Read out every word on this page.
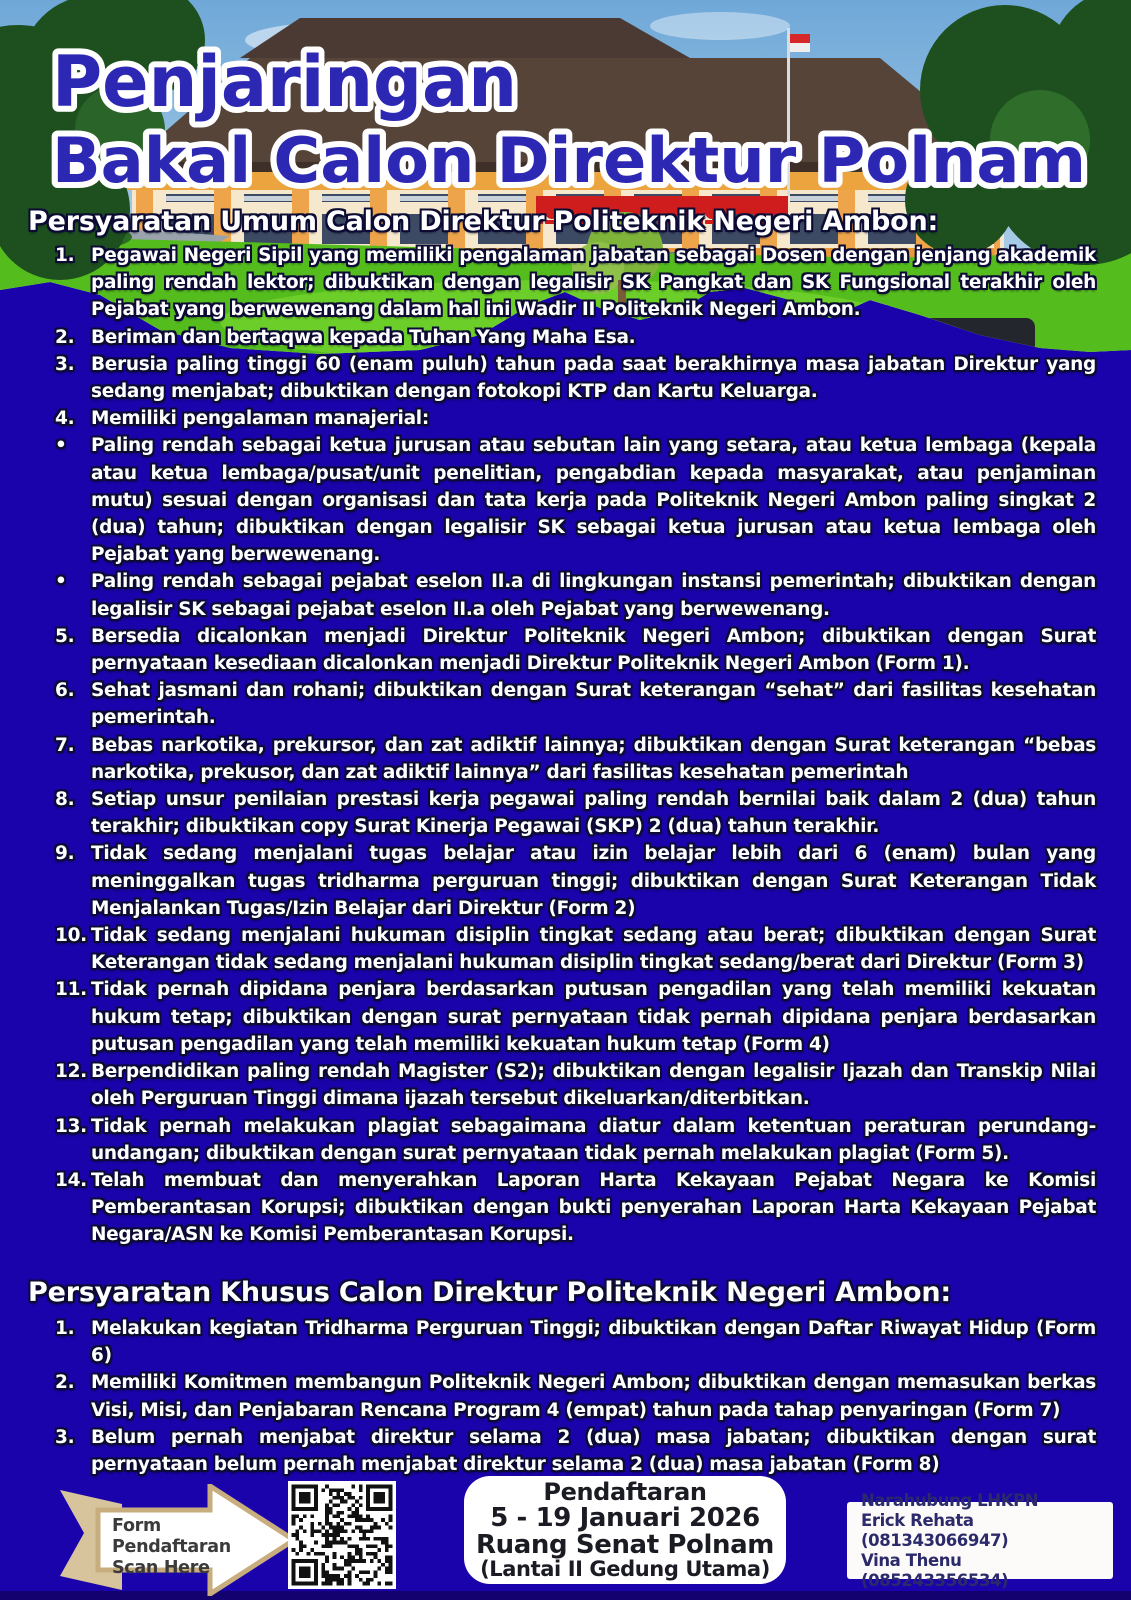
Penjaringan
Bakal Calon Direktur Polnam
Persyaratan Umum Calon Direktur Politeknik Negeri Ambon:
1. Pegawai Negeri Sipil yang memiliki pengalaman jabatan sebagai Dosen dengan jenjang akademik paling rendah lektor; dibuktikan dengan legalisir SK Pangkat dan SK Fungsional terakhir oleh Pejabat yang berwewenang dalam hal ini Wadir II Politeknik Negeri Ambon.
2. Beriman dan bertaqwa kepada Tuhan Yang Maha Esa.
3. Berusia paling tinggi 60 (enam puluh) tahun pada saat berakhirnya masa jabatan Direktur yang sedang menjabat; dibuktikan dengan fotokopi KTP dan Kartu Keluarga.
4. Memiliki pengalaman manajerial:
•	Paling rendah sebagai ketua jurusan atau sebutan lain yang setara, atau ketua lembaga (kepala atau ketua lembaga/pusat/unit penelitian, pengabdian kepada masyarakat, atau penjaminan mutu) sesuai dengan organisasi dan tata kerja pada Politeknik Negeri Ambon paling singkat 2 (dua) tahun; dibuktikan dengan legalisir SK sebagai ketua jurusan atau ketua lembaga oleh Pejabat yang berwewenang.
•	Paling rendah sebagai pejabat eselon II.a di lingkungan instansi pemerintah; dibuktikan dengan legalisir SK sebagai pejabat eselon II.a oleh Pejabat yang berwewenang.
5. Bersedia dicalonkan menjadi Direktur Politeknik Negeri Ambon; dibuktikan dengan Surat pernyataan kesediaan dicalonkan menjadi Direktur Politeknik Negeri Ambon (Form 1).
6. Sehat jasmani dan rohani; dibuktikan dengan Surat keterangan “sehat” dari fasilitas kesehatan pemerintah.
7. Bebas narkotika, prekursor, dan zat adiktif lainnya; dibuktikan dengan Surat keterangan “bebas narkotika, prekusor, dan zat adiktif lainnya” dari fasilitas kesehatan pemerintah
8. Setiap unsur penilaian prestasi kerja pegawai paling rendah bernilai baik dalam 2 (dua) tahun terakhir; dibuktikan copy Surat Kinerja Pegawai (SKP) 2 (dua) tahun terakhir.
9. Tidak sedang menjalani tugas belajar atau izin belajar lebih dari 6 (enam) bulan yang meninggalkan tugas tridharma perguruan tinggi; dibuktikan dengan Surat Keterangan Tidak Menjalankan Tugas/Izin Belajar dari Direktur (Form 2)
10. Tidak sedang menjalani hukuman disiplin tingkat sedang atau berat; dibuktikan dengan Surat Keterangan tidak sedang menjalani hukuman disiplin tingkat sedang/berat dari Direktur (Form 3)
11. Tidak pernah dipidana penjara berdasarkan putusan pengadilan yang telah memiliki kekuatan hukum tetap; dibuktikan dengan surat pernyataan tidak pernah dipidana penjara berdasarkan putusan pengadilan yang telah memiliki kekuatan hukum tetap (Form 4)
12. Berpendidikan paling rendah Magister (S2); dibuktikan dengan legalisir Ijazah dan Transkip Nilai oleh Perguruan Tinggi dimana ijazah tersebut dikeluarkan/diterbitkan.
13. Tidak pernah melakukan plagiat sebagaimana diatur dalam ketentuan peraturan perundang-undangan; dibuktikan dengan surat pernyataan tidak pernah melakukan plagiat (Form 5).
14. Telah membuat dan menyerahkan Laporan Harta Kekayaan Pejabat Negara ke Komisi Pemberantasan Korupsi; dibuktikan dengan bukti penyerahan Laporan Harta Kekayaan Pejabat Negara/ASN ke Komisi Pemberantasan Korupsi.
Persyaratan Khusus Calon Direktur Politeknik Negeri Ambon:
1. Melakukan kegiatan Tridharma Perguruan Tinggi; dibuktikan dengan Daftar Riwayat Hidup (Form 6)
2. Memiliki Komitmen membangun Politeknik Negeri Ambon; dibuktikan dengan memasukan berkas Visi, Misi, dan Penjabaran Rencana Program 4 (empat) tahun pada tahap penyaringan (Form 7)
3. Belum pernah menjabat direktur selama 2 (dua) masa jabatan; dibuktikan dengan surat pernyataan belum pernah menjabat direktur selama 2 (dua) masa jabatan (Form 8)
Form Pendaftaran
Scan Here
Pendaftaran
5 - 19 Januari 2026
Ruang Senat Polnam
(Lantai II Gedung Utama)
Narahubung LHKPN
Erick Rehata (081343066947)
Vina Thenu (085243356534)
